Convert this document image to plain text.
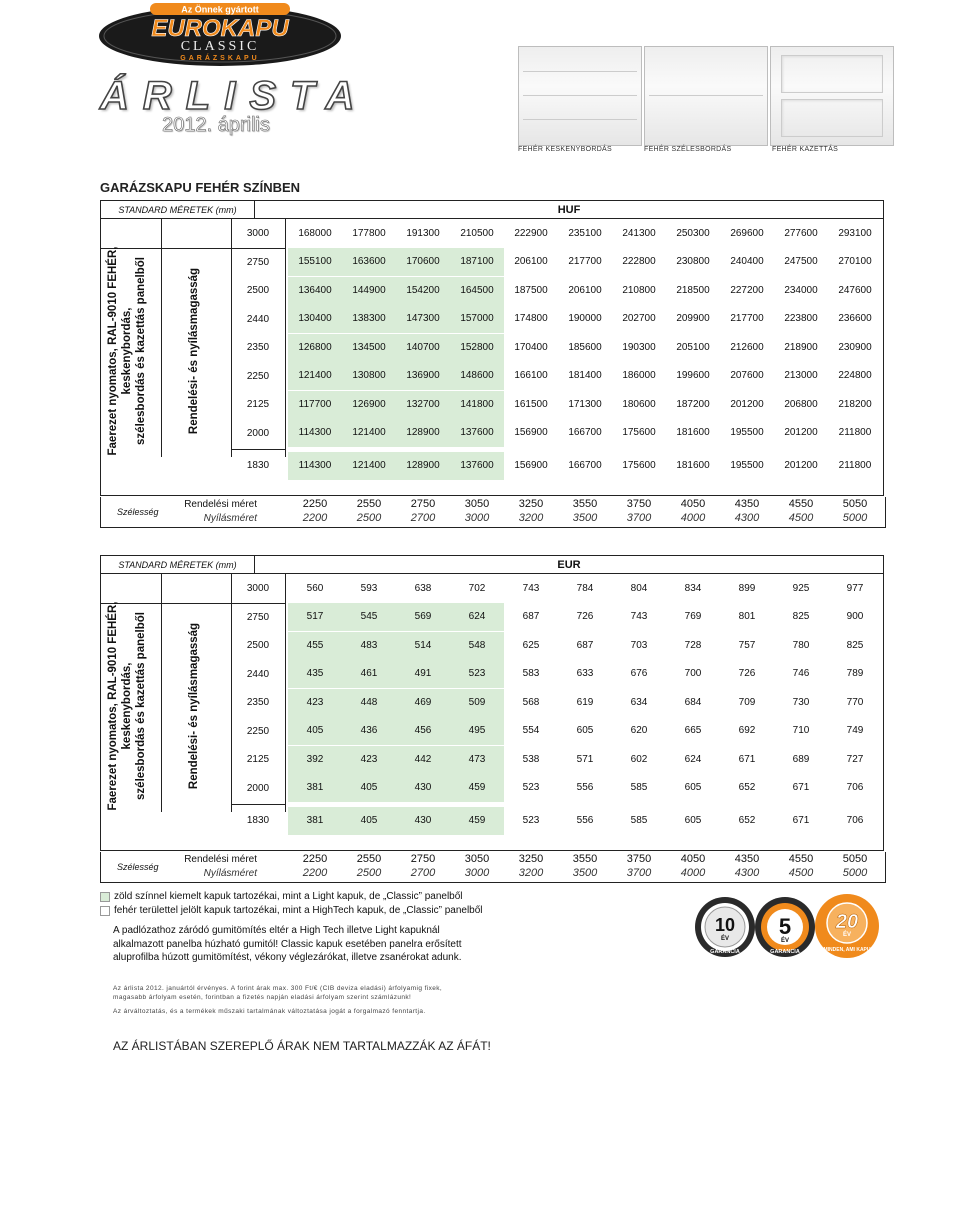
Az Önnek gyártott
EUROKAPU
CLASSIC
GARÁZSKAPU
ÁRLISTA
2012. április
FEHÉR KESKENYBORDÁS	FEHÉR SZÉLESBORDÁS	FEHÉR KAZETTÁS
GARÁZSKAPU FEHÉR SZÍNBEN
STANDARD MÉRETEK (mm)	HUF
Faerezet nyomatos, RAL-9010 FEHÉR, keskenybordás, szélesbordás és kazettás panelből	Rendelési- és nyílásmagasság
3000	168000	177800	191300	210500	222900	235100	241300	250300	269600	277600	293100
2750	155100	163600	170600	187100	206100	217700	222800	230800	240400	247500	270100
2500	136400	144900	154200	164500	187500	206100	210800	218500	227200	234000	247600
2440	130400	138300	147300	157000	174800	190000	202700	209900	217700	223800	236600
2350	126800	134500	140700	152800	170400	185600	190300	205100	212600	218900	230900
2250	121400	130800	136900	148600	166100	181400	186000	199600	207600	213000	224800
2125	117700	126900	132700	141800	161500	171300	180600	187200	201200	206800	218200
2000	114300	121400	128900	137600	156900	166700	175600	181600	195500	201200	211800
1830	114300	121400	128900	137600	156900	166700	175600	181600	195500	201200	211800
Szélesség
Rendelési méret
Nyílásméret
2250	2550	2750	3050	3250	3550	3750	4050	4350	4550	5050
2200	2500	2700	3000	3200	3500	3700	4000	4300	4500	5000
STANDARD MÉRETEK (mm)	EUR
Faerezet nyomatos, RAL-9010 FEHÉR, keskenybordás, szélesbordás és kazettás panelből	Rendelési- és nyílásmagasság
3000	560	593	638	702	743	784	804	834	899	925	977
2750	517	545	569	624	687	726	743	769	801	825	900
2500	455	483	514	548	625	687	703	728	757	780	825
2440	435	461	491	523	583	633	676	700	726	746	789
2350	423	448	469	509	568	619	634	684	709	730	770
2250	405	436	456	495	554	605	620	665	692	710	749
2125	392	423	442	473	538	571	602	624	671	689	727
2000	381	405	430	459	523	556	585	605	652	671	706
1830	381	405	430	459	523	556	585	605	652	671	706
Szélesség
Rendelési méret
Nyílásméret
2250	2550	2750	3050	3250	3550	3750	4050	4350	4550	5050
2200	2500	2700	3000	3200	3500	3700	4000	4300	4500	5000
zöld színnel kiemelt kapuk tartozékai, mint a Light kapuk, de „Classic” panelből
fehér területtel jelölt kapuk tartozékai, mint a HighTech kapuk, de „Classic” panelből
A padlózathoz záródó gumitömítés eltér a High Tech illetve Light kapuknál
alkalmazott panelba húzható gumitól! Classic kapuk esetében panelra erősített
aluprofilba húzott gumitömítést, vékony véglezárókat, illetve zsanérokat adunk.
Az árlista 2012. januártól érvényes. A forint árak max. 300 Ft/€ (CIB deviza eladási) árfolyamig fixek,
magasabb árfolyam esetén, forintban a fizetés napján eladási árfolyam szerint számlázunk!
Az árváltoztatás, és a termékek műszaki tartalmának változtatása jogát a forgalmazó fenntartja.
AZ ÁRLISTÁBAN SZEREPLŐ ÁRAK NEM TARTALMAZZÁK AZ ÁFÁT!
10
ÉV
GARANCIA
5
ÉV
GARANCIA
20
ÉV
MINDEN, AMI KAPU
